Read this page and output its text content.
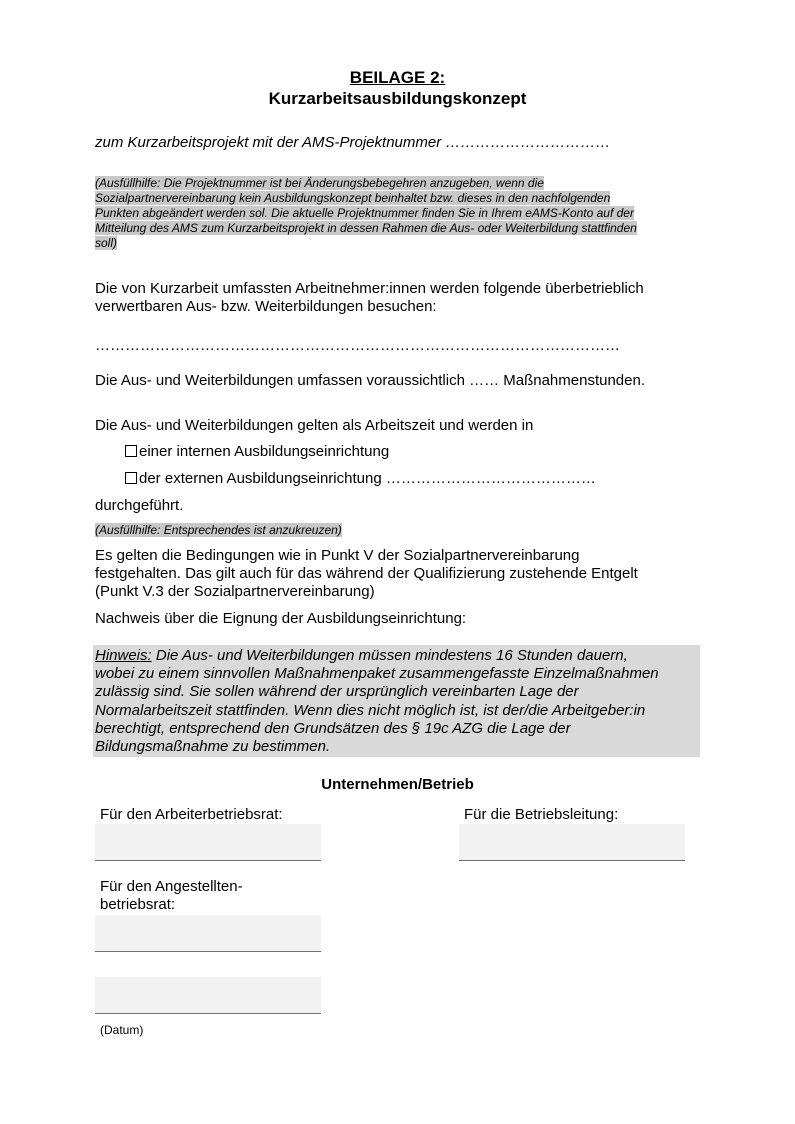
BEILAGE 2:
Kurzarbeitsausbildungskonzept
zum Kurzarbeitsprojekt mit der AMS-Projektnummer ……………………………
(Ausfüllhilfe: Die Projektnummer ist bei Änderungsbebegehren anzugeben, wenn die
Sozialpartnervereinbarung kein Ausbildungskonzept beinhaltet bzw. dieses in den nachfolgenden
Punkten abgeändert werden sol. Die aktuelle Projektnummer finden Sie in Ihrem eAMS-Konto auf der
Mitteilung des AMS zum Kurzarbeitsprojekt in dessen Rahmen die Aus- oder Weiterbildung stattfinden
soll)
Die von Kurzarbeit umfassten Arbeitnehmer:innen werden folgende überbetrieblich
verwertbaren Aus- bzw. Weiterbildungen besuchen:
……………………………………………………………………………………………
Die Aus- und Weiterbildungen umfassen voraussichtlich …… Maßnahmenstunden.
Die Aus- und Weiterbildungen gelten als Arbeitszeit und werden in
einer internen Ausbildungseinrichtung
der externen Ausbildungseinrichtung ……………………………………
durchgeführt.
(Ausfüllhilfe: Entsprechendes ist anzukreuzen)
Es gelten die Bedingungen wie in Punkt V der Sozialpartnervereinbarung
festgehalten. Das gilt auch für das während der Qualifizierung zustehende Entgelt
(Punkt V.3 der Sozialpartnervereinbarung)
Nachweis über die Eignung der Ausbildungseinrichtung:
Hinweis: Die Aus- und Weiterbildungen müssen mindestens 16 Stunden dauern,
wobei zu einem sinnvollen Maßnahmenpaket zusammengefasste Einzelmaßnahmen
zulässig sind. Sie sollen während der ursprünglich vereinbarten Lage der
Normalarbeitszeit stattfinden. Wenn dies nicht möglich ist, ist der/die Arbeitgeber:in
berechtigt, entsprechend den Grundsätzen des § 19c AZG die Lage der
Bildungsmaßnahme zu bestimmen.
Unternehmen/Betrieb
Für den Arbeiterbetriebsrat:	Für die Betriebsleitung:
Für den Angestellten-
betriebsrat:
(Datum)
